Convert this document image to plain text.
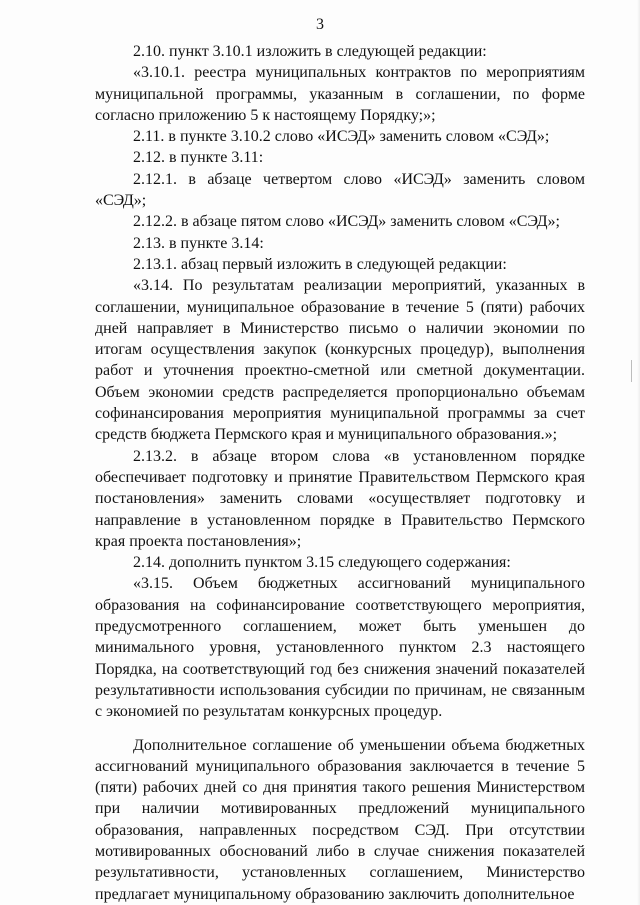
3

2.10. пункт 3.10.1 изложить в следующей редакции:

«3.10.1. реестра муниципальных контрактов по мероприятиям муниципальной программы, указанным в соглашении, по форме согласно приложению 5 к настоящему Порядку;»;

2.11. в пункте 3.10.2 слово «ИСЭД» заменить словом «СЭД»;

2.12. в пункте 3.11:

2.12.1. в абзаце четвертом слово «ИСЭД» заменить словом «СЭД»;

2.12.2. в абзаце пятом слово «ИСЭД» заменить словом «СЭД»;

2.13. в пункте 3.14:

2.13.1. абзац первый изложить в следующей редакции:

«3.14. По результатам реализации мероприятий, указанных в соглашении, муниципальное образование в течение 5 (пяти) рабочих дней направляет в Министерство письмо о наличии экономии по итогам осуществления закупок (конкурсных процедур), выполнения работ и уточнения проектно-сметной или сметной документации. Объем экономии средств распределяется пропорционально объемам софинансирования мероприятия муниципальной программы за счет средств бюджета Пермского края и муниципального образования.»;

2.13.2. в абзаце втором слова «в установленном порядке обеспечивает подготовку и принятие Правительством Пермского края постановления» заменить словами «осуществляет подготовку и направление в установленном порядке в Правительство Пермского края проекта постановления»;

2.14. дополнить пунктом 3.15 следующего содержания:

«3.15. Объем бюджетных ассигнований муниципального образования на софинансирование соответствующего мероприятия, предусмотренного соглашением, может быть уменьшен до минимального уровня, установленного пунктом 2.3 настоящего Порядка, на соответствующий год без снижения значений показателей результативности использования субсидии по причинам, не связанным с экономией по результатам конкурсных процедур.

Дополнительное соглашение об уменьшении объема бюджетных ассигнований муниципального образования заключается в течение 5 (пяти) рабочих дней со дня принятия такого решения Министерством при наличии мотивированных предложений муниципального образования, направленных посредством СЭД. При отсутствии мотивированных обоснований либо в случае снижения показателей результативности, установленных соглашением, Министерство предлагает муниципальному образованию заключить дополнительное
